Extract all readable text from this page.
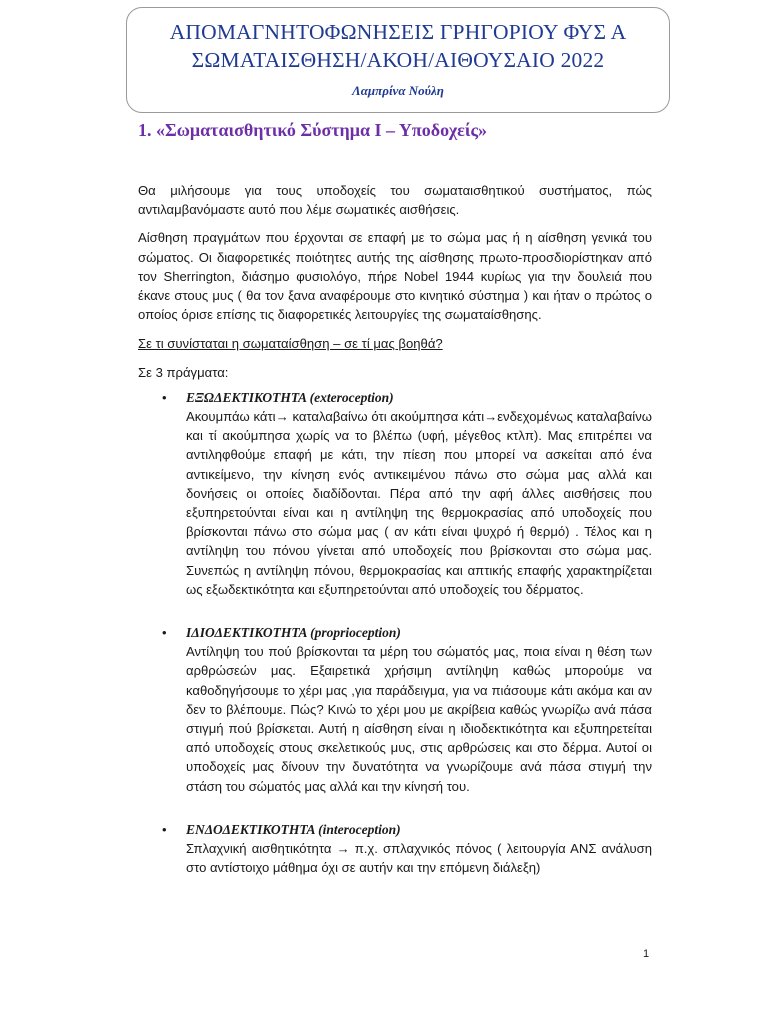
ΑΠΟΜΑΓΝΗΤΟΦΩΝΗΣΕΙΣ ΓΡΗΓΟΡΙΟΥ ΦΥΣ Α
ΣΩΜΑΤΑΙΣΘΗΣΗ/ΑΚΟΗ/ΑΙΘΟΥΣΑΙΟ 2022
Λαμπρίνα Νούλη
1. «Σωματαισθητικό Σύστημα Ι – Υποδοχείς»

Θα μιλήσουμε για τους υποδοχείς του σωματαισθητικού συστήματος, πώς αντιλαμβανόμαστε αυτό που λέμε σωματικές αισθήσεις.

Αίσθηση πραγμάτων που έρχονται σε επαφή με το σώμα μας ή η αίσθηση γενικά του σώματος. Οι διαφορετικές ποιότητες αυτής της αίσθησης πρωτο-προσδιορίστηκαν από τον Sherrington, διάσημο φυσιολόγο, πήρε Nobel 1944 κυρίως για την δουλειά που έκανε στους μυς ( θα τον ξανα αναφέρουμε στο κινητικό σύστημα ) και ήταν ο πρώτος ο οποίος όρισε επίσης τις διαφορετικές λειτουργίες της σωματαίσθησης.

Σε τι συνίσταται η σωματαίσθηση – σε τί μας βοηθά?

Σε 3 πράγματα:

• ΕΞΩΔΕΚΤΙΚΟΤΗΤΑ (exteroception)
Ακουμπάω κάτι→ καταλαβαίνω ότι ακούμπησα κάτι→ενδεχομένως καταλαβαίνω και τί ακούμπησα χωρίς να το βλέπω (υφή, μέγεθος κτλπ). Μας επιτρέπει να αντιληφθούμε επαφή με κάτι, την πίεση που μπορεί να ασκείται από ένα αντικείμενο, την κίνηση ενός αντικειμένου πάνω στο σώμα μας αλλά και δονήσεις οι οποίες διαδίδονται. Πέρα από την αφή άλλες αισθήσεις που εξυπηρετούνται είναι και η αντίληψη της θερμοκρασίας από υποδοχείς που βρίσκονται πάνω στο σώμα μας ( αν κάτι είναι ψυχρό ή θερμό) . Τέλος και η αντίληψη του πόνου γίνεται από υποδοχείς που βρίσκονται στο σώμα μας. Συνεπώς η αντίληψη πόνου, θερμοκρασίας και απτικής επαφής χαρακτηρίζεται ως εξωδεκτικότητα και εξυπηρετούνται από υποδοχείς του δέρματος.
• ΙΔΙΟΔΕΚΤΙΚΟΤΗΤΑ (proprioception)
Αντίληψη του πού βρίσκονται τα μέρη του σώματός μας, ποια είναι η θέση των αρθρώσεών μας. Εξαιρετικά χρήσιμη αντίληψη καθώς μπορούμε να καθοδηγήσουμε το χέρι μας ,για παράδειγμα, για να πιάσουμε κάτι ακόμα και αν δεν το βλέπουμε. Πώς? Κινώ το χέρι μου με ακρίβεια καθώς γνωρίζω ανά πάσα στιγμή πού βρίσκεται. Αυτή η αίσθηση είναι η ιδιοδεκτικότητα και εξυπηρετείται από υποδοχείς στους σκελετικούς μυς, στις αρθρώσεις και στο δέρμα. Αυτοί οι υποδοχείς μας δίνουν την δυνατότητα να γνωρίζουμε ανά πάσα στιγμή την στάση του σώματός μας αλλά και την κίνησή του.
• ΕΝΔΟΔΕΚΤΙΚΟΤΗΤΑ (interoception)
Σπλαχνική αισθητικότητα → π.χ. σπλαχνικός πόνος ( λειτουργία ΑΝΣ ανάλυση στο αντίστοιχο μάθημα όχι σε αυτήν και την επόμενη διάλεξη)
1
